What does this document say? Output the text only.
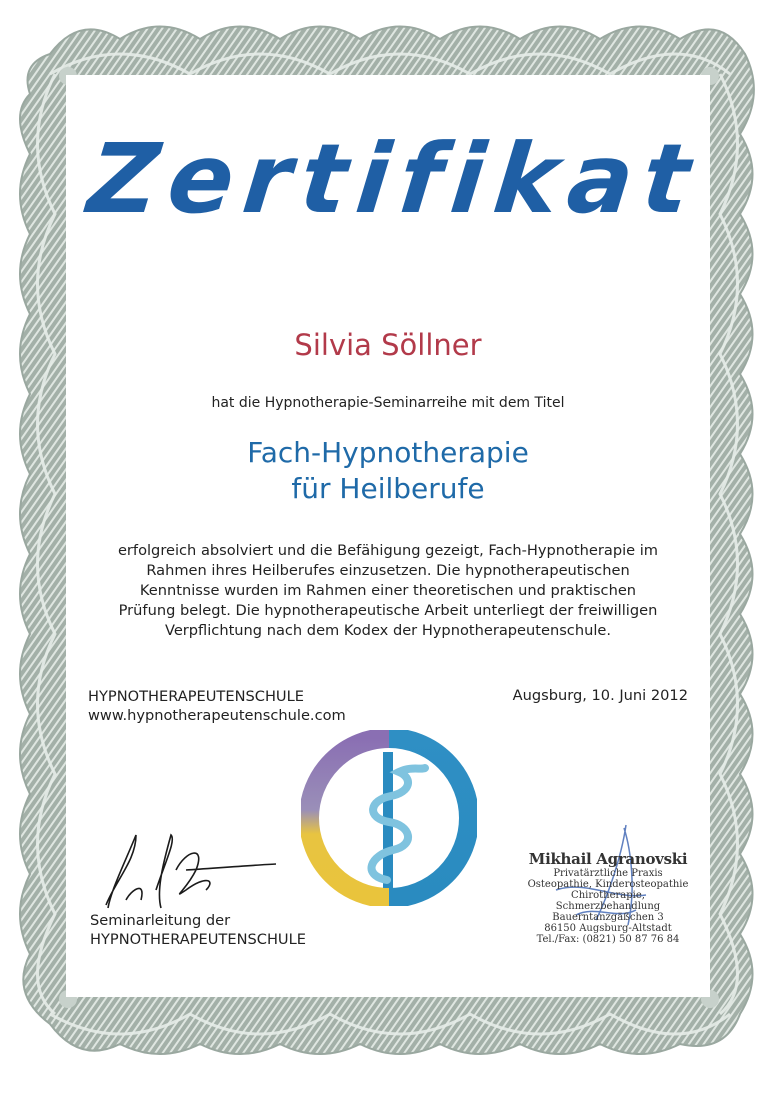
Zertifikat
Silvia Söllner
hat die Hypnotherapie-Seminarreihe mit dem Titel
Fach-Hypnotherapie
für Heilberufe
erfolgreich absolviert und die Befähigung gezeigt, Fach-Hypnotherapie im
Rahmen ihres Heilberufes einzusetzen. Die hypnotherapeutischen
Kenntnisse wurden im Rahmen einer theoretischen und praktischen
Prüfung belegt. Die hypnotherapeutische Arbeit unterliegt der freiwilligen
Verpflichtung nach dem Kodex der Hypnotherapeutenschule.
HYPNOTHERAPEUTENSCHULE
www.hypnotherapeutenschule.com
Augsburg, 10. Juni 2012
Seminarleitung der
HYPNOTHERAPEUTENSCHULE
Mikhail Agranovski
Privatärztliche Praxis
Osteopathie, Kinderosteopathie
Chirotherapie, Schmerzbehandlung
Bauerntanzgäßchen 3
86150 Augsburg-Altstadt
Tel./Fax: (0821) 50 87 76 84
